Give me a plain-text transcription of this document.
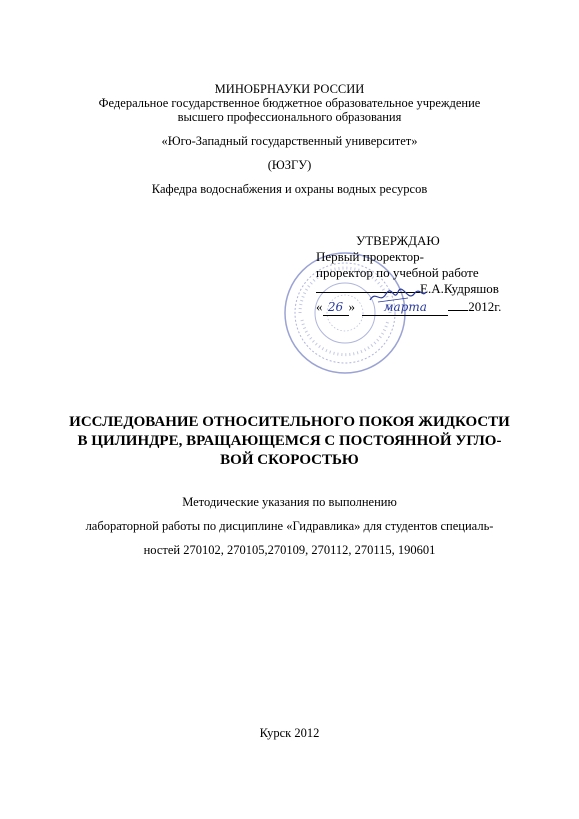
МИНОБРНАУКИ РОССИИ
Федеральное государственное бюджетное образовательное учреждение
высшего профессионального образования
«Юго-Западный государственный университет»
(ЮЗГУ)
Кафедра водоснабжения и охраны водных ресурсов
УТВЕРЖДАЮ
Первый проректор-
проректор по учебной работе
Е.А.Кудряшов
« 26 » марта	2012г.
ИССЛЕДОВАНИЕ ОТНОСИТЕЛЬНОГО ПОКОЯ ЖИДКОСТИ
В ЦИЛИНДРЕ, ВРАЩАЮЩЕМСЯ С ПОСТОЯННОЙ УГЛО-
ВОЙ СКОРОСТЬЮ
Методические указания по выполнению
лабораторной работы по дисциплине «Гидравлика» для студентов специаль-
ностей 270102, 270105,270109, 270112, 270115, 190601
Курск 2012
